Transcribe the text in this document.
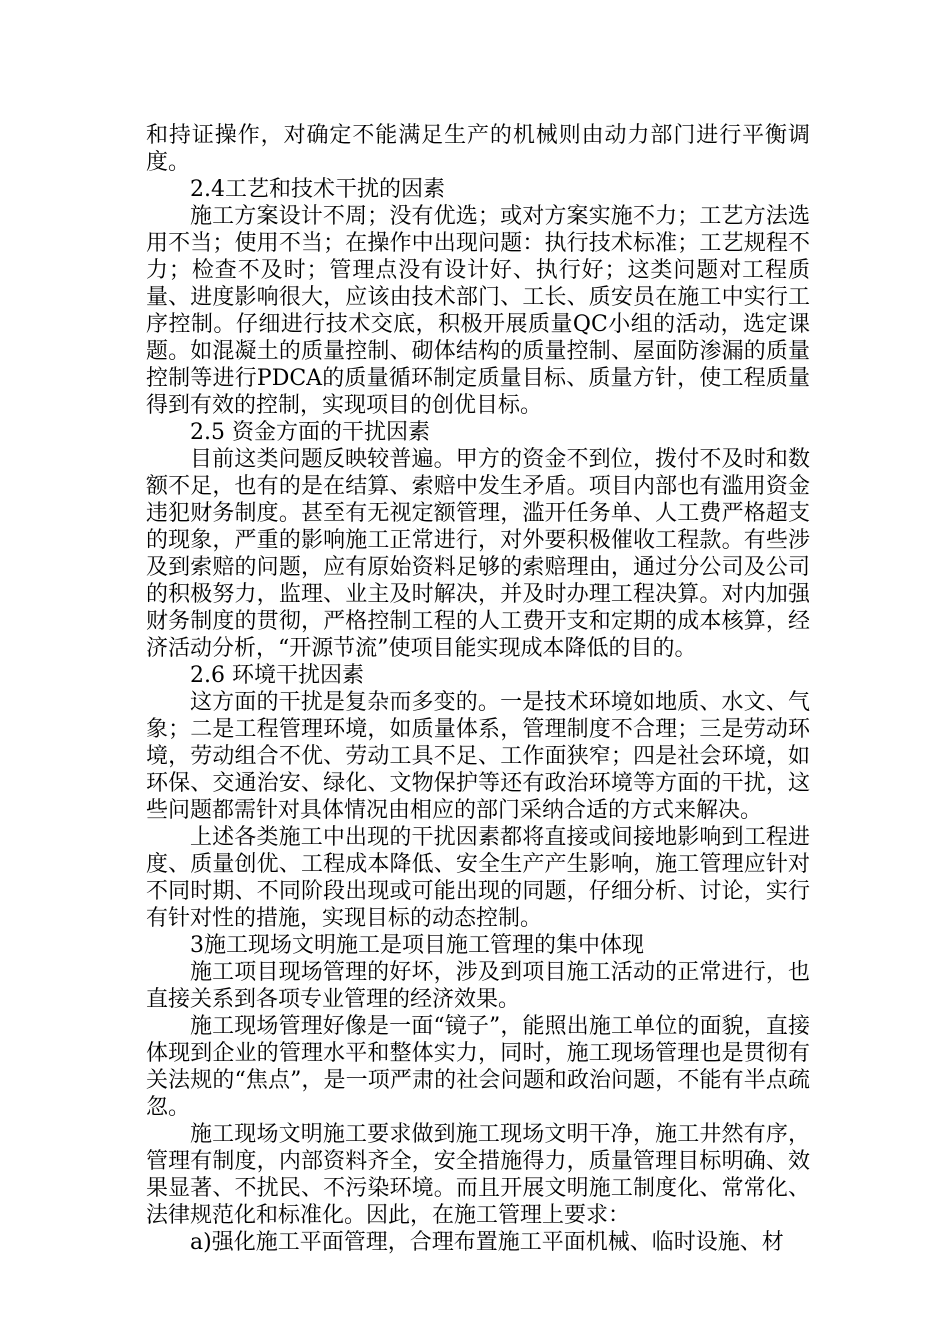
和持证操作，对确定不能满足生产的机械则由动力部门进行平衡调度。

2.4工艺和技术干扰的因素

施工方案设计不周；没有优选；或对方案实施不力；工艺方法选用不当；使用不当；在操作中出现问题：执行技术标准；工艺规程不力；检查不及时；管理点没有设计好、执行好；这类问题对工程质量、进度影响很大，应该由技术部门、工长、质安员在施工中实行工序控制。仔细进行技术交底，积极开展质量QC小组的活动，选定课题。如混凝土的质量控制、砌体结构的质量控制、屋面防渗漏的质量控制等进行PDCA的质量循环制定质量目标、质量方针，使工程质量得到有效的控制，实现项目的创优目标。

2.5 资金方面的干扰因素

目前这类问题反映较普遍。甲方的资金不到位，拨付不及时和数额不足，也有的是在结算、索赔中发生矛盾。项目内部也有滥用资金违犯财务制度。甚至有无视定额管理，滥开任务单、人工费严格超支的现象，严重的影响施工正常进行，对外要积极催收工程款。有些涉及到索赔的问题，应有原始资料足够的索赔理由，通过分公司及公司的积极努力，监理、业主及时解决，并及时办理工程决算。对内加强财务制度的贯彻，严格控制工程的人工费开支和定期的成本核算，经济活动分析，“开源节流”使项目能实现成本降低的目的。

2.6 环境干扰因素

这方面的干扰是复杂而多变的。一是技术环境如地质、水文、气象；二是工程管理环境，如质量体系，管理制度不合理；三是劳动环境，劳动组合不优、劳动工具不足、工作面狭窄；四是社会环境，如环保、交通治安、绿化、文物保护等还有政治环境等方面的干扰，这些问题都需针对具体情况由相应的部门采纳合适的方式来解决。

上述各类施工中出现的干扰因素都将直接或间接地影响到工程进度、质量创优、工程成本降低、安全生产产生影响，施工管理应针对不同时期、不同阶段出现或可能出现的同题，仔细分析、讨论，实行有针对性的措施，实现目标的动态控制。

3施工现场文明施工是项目施工管理的集中体现

施工项目现场管理的好坏，涉及到项目施工活动的正常进行，也直接关系到各项专业管理的经济效果。

施工现场管理好像是一面“镜子”，能照出施工单位的面貌，直接体现到企业的管理水平和整体实力，同时，施工现场管理也是贯彻有关法规的“焦点”，是一项严肃的社会问题和政治问题，不能有半点疏忽。

施工现场文明施工要求做到施工现场文明干净，施工井然有序，管理有制度，内部资料齐全，安全措施得力，质量管理目标明确、效果显著、不扰民、不污染环境。而且开展文明施工制度化、常常化、法律规范化和标准化。因此，在施工管理上要求：

a)强化施工平面管理，合理布置施工平面机械、临时设施、材
